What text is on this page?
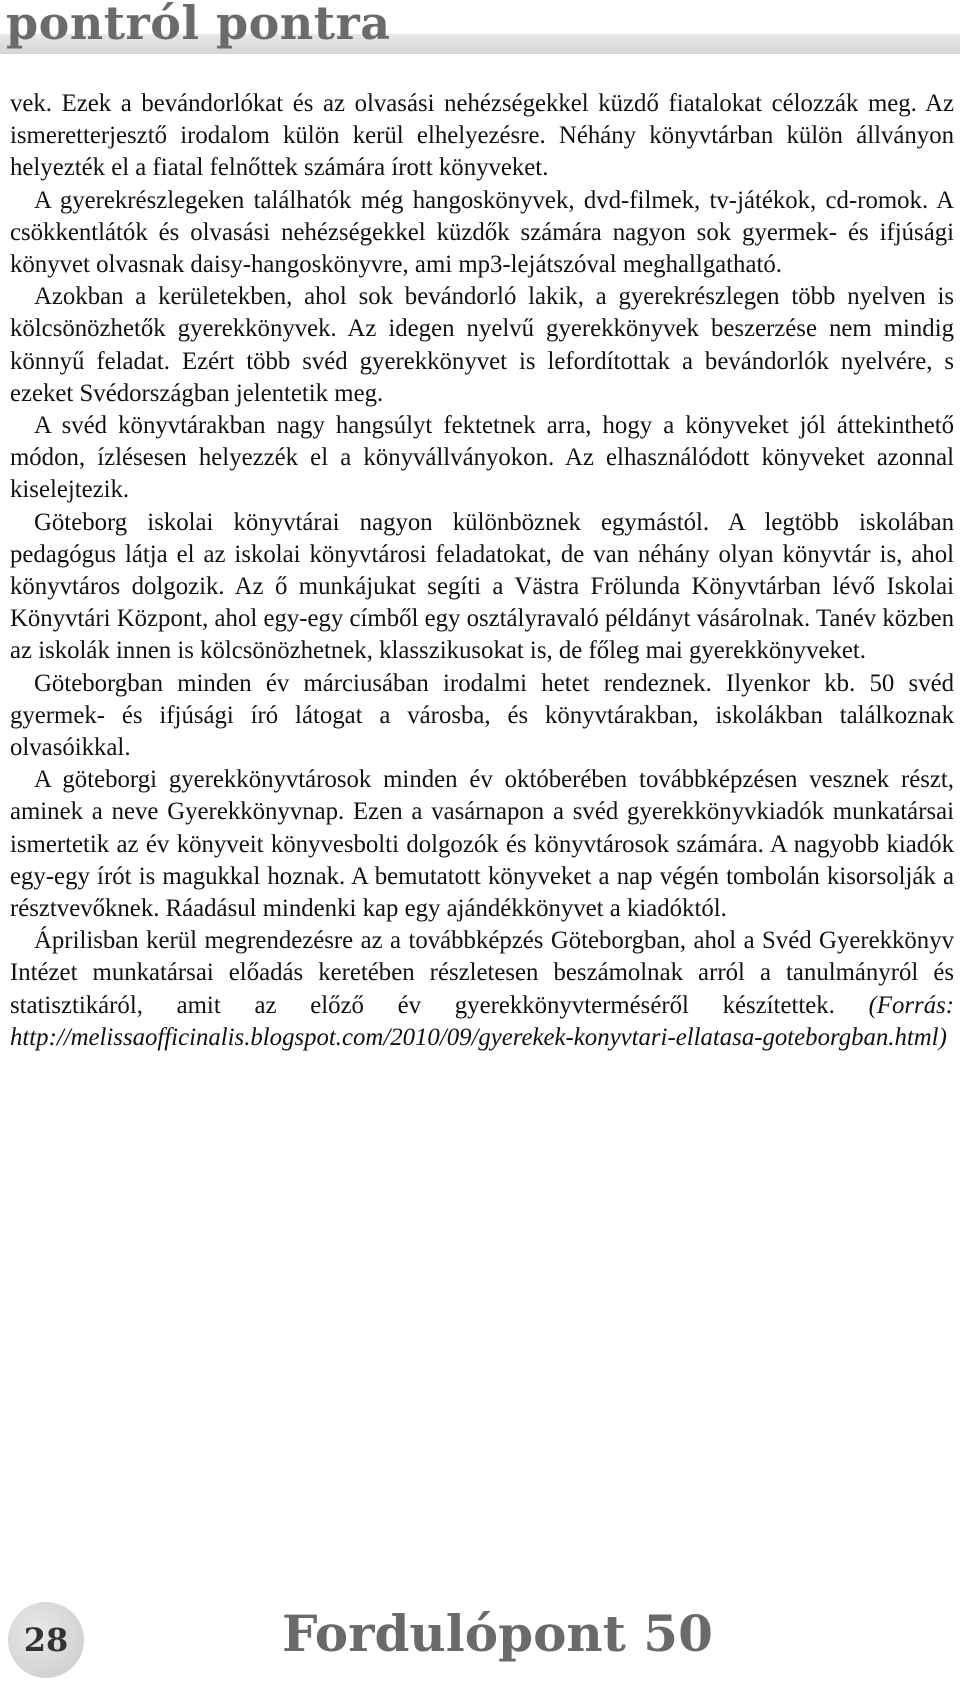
pontról pontra

vek. Ezek a bevándorlókat és az olvasási nehézségekkel küzdő fiatalokat célozzák meg. Az ismeretterjesztő irodalom külön kerül elhelyezésre. Néhány könyvtárban külön állványon helyezték el a fiatal felnőttek számára írott könyveket.

A gyerekrészlegeken találhatók még hangoskönyvek, dvd-filmek, tv-játékok, cd-romok. A csökkentlátók és olvasási nehézségekkel küzdők számára nagyon sok gyermek- és ifjúsági könyvet olvasnak daisy-hangoskönyvre, ami mp3-lejátszóval meghallgatható.

Azokban a kerületekben, ahol sok bevándorló lakik, a gyerekrészlegen több nyelven is kölcsönözhetők gyerekkönyvek. Az idegen nyelvű gyerekkönyvek beszerzése nem mindig könnyű feladat. Ezért több svéd gyerekkönyvet is lefordítottak a bevándorlók nyelvére, s ezeket Svédországban jelentetik meg.

A svéd könyvtárakban nagy hangsúlyt fektetnek arra, hogy a könyveket jól áttekinthető módon, ízlésesen helyezzék el a könyvállványokon. Az elhasználódott könyveket azonnal kiselejtezik.

Göteborg iskolai könyvtárai nagyon különböznek egymástól. A legtöbb iskolában pedagógus látja el az iskolai könyvtárosi feladatokat, de van néhány olyan könyvtár is, ahol könyvtáros dolgozik. Az ő munkájukat segíti a Västra Frölunda Könyvtárban lévő Iskolai Könyvtári Központ, ahol egy-egy címből egy osztályravaló példányt vásárolnak. Tanév közben az iskolák innen is kölcsönözhetnek, klasszikusokat is, de főleg mai gyerekkönyveket.

Göteborgban minden év márciusában irodalmi hetet rendeznek. Ilyenkor kb. 50 svéd gyermek- és ifjúsági író látogat a városba, és könyvtárakban, iskolákban találkoznak olvasóikkal.

A göteborgi gyerekkönyvtárosok minden év októberében továbbképzésen vesznek részt, aminek a neve Gyerekkönyvnap. Ezen a vasárnapon a svéd gyerekkönyvkiadók munkatársai ismertetik az év könyveit könyvesbolti dolgozók és könyvtárosok számára. A nagyobb kiadók egy-egy írót is magukkal hoznak. A bemutatott könyveket a nap végén tombolán kisorsolják a résztvevőknek. Ráadásul mindenki kap egy ajándékkönyvet a kiadóktól.

Áprilisban kerül megrendezésre az a továbbképzés Göteborgban, ahol a Svéd Gyerekkönyv Intézet munkatársai előadás keretében részletesen beszámolnak arról a tanulmányról és statisztikáról, amit az előző év gyerekkönyvterméséről készítettek. (Forrás: http://melissaofficinalis.blogspot.com/2010/09/gyerekek-konyvtari-ellatasa-goteborgban.html)

28	Fordulópont 50
